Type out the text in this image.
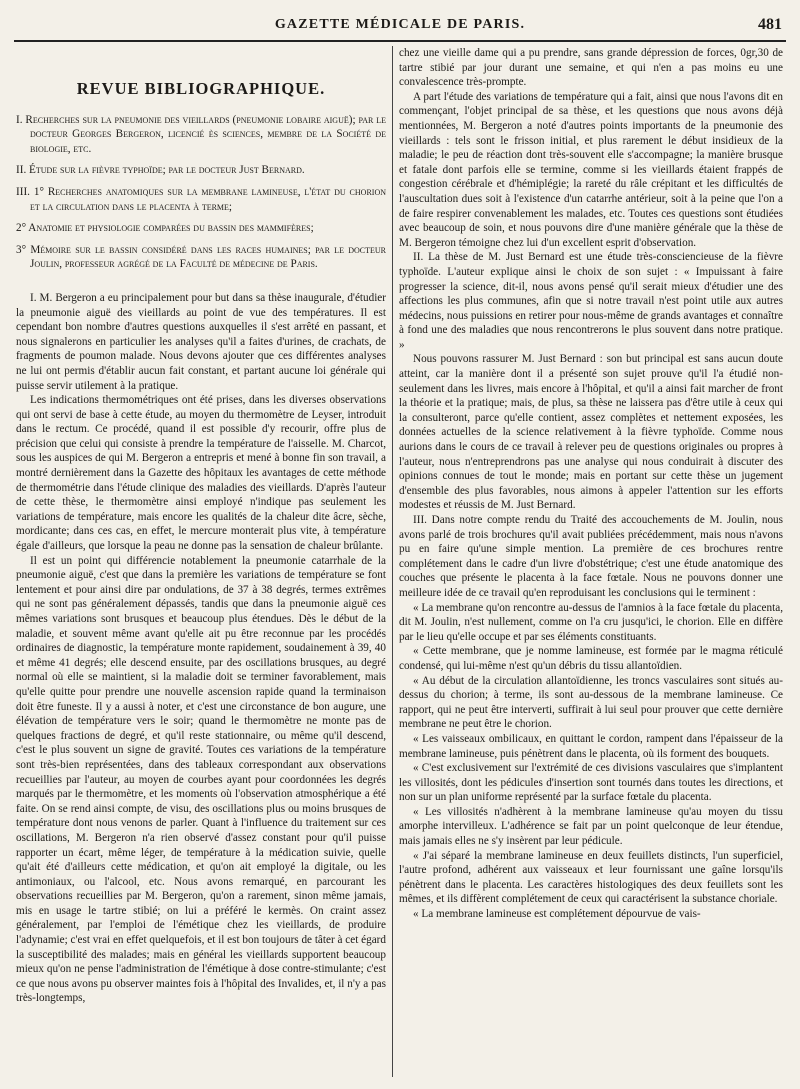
GAZETTE MÉDICALE DE PARIS.	481
REVUE BIBLIOGRAPHIQUE.

I. Recherches sur la pneumonie des vieillards (pneumonie lobaire aiguë); par le docteur Georges Bergeron, licencié ès sciences, membre de la Société de biologie, etc.

II. Étude sur la fièvre typhoïde; par le docteur Just Bernard.

III. 1° Recherches anatomiques sur la membrane lamineuse, l'état du chorion et la circulation dans le placenta à terme;

2° Anatomie et physiologie comparées du bassin des mammifères;

3° Mémoire sur le bassin considéré dans les races humaines; par le docteur Joulin, professeur agrégé de la Faculté de médecine de Paris.

I. M. Bergeron a eu principalement pour but dans sa thèse inaugurale, d'étudier la pneumonie aiguë des vieillards au point de vue des températures. Il est cependant bon nombre d'autres questions auxquelles il s'est arrêté en passant, et nous signalerons en particulier les analyses qu'il a faites d'urines, de crachats, de fragments de poumon malade. Nous devons ajouter que ces différentes analyses ne lui ont permis d'établir aucun fait constant, et partant aucune loi générale qui puisse servir utilement à la pratique.

Les indications thermométriques ont été prises, dans les diverses observations qui ont servi de base à cette étude, au moyen du thermomètre de Leyser, introduit dans le rectum. Ce procédé, quand il est possible d'y recourir, offre plus de précision que celui qui consiste à prendre la température de l'aisselle. M. Charcot, sous les auspices de qui M. Bergeron a entrepris et mené à bonne fin son travail, a montré dernièrement dans la Gazette des hôpitaux les avantages de cette méthode de thermométrie dans l'étude clinique des maladies des vieillards. D'après l'auteur de cette thèse, le thermomètre ainsi employé n'indique pas seulement les variations de température, mais encore les qualités de la chaleur dite âcre, sèche, mordicante; dans ces cas, en effet, le mercure monterait plus vite, à température égale d'ailleurs, que lorsque la peau ne donne pas la sensation de chaleur brûlante.

Il est un point qui différencie notablement la pneumonie catarrhale de la pneumonie aiguë, c'est que dans la première les variations de température se font lentement et pour ainsi dire par ondulations, de 37 à 38 degrés, termes extrêmes qui ne sont pas généralement dépassés, tandis que dans la pneumonie aiguë ces mêmes variations sont brusques et beaucoup plus étendues. Dès le début de la maladie, et souvent même avant qu'elle ait pu être reconnue par les procédés ordinaires de diagnostic, la température monte rapidement, soudainement à 39, 40 et même 41 degrés; elle descend ensuite, par des oscillations brusques, au degré normal où elle se maintient, si la maladie doit se terminer favorablement, mais qu'elle quitte pour prendre une nouvelle ascension rapide quand la terminaison doit être funeste. Il y a aussi à noter, et c'est une circonstance de bon augure, une élévation de température vers le soir; quand le thermomètre ne monte pas de quelques fractions de degré, et qu'il reste stationnaire, ou même qu'il descend, c'est le plus souvent un signe de gravité. Toutes ces variations de la température sont très-bien représentées, dans des tableaux correspondant aux observations recueillies par l'auteur, au moyen de courbes ayant pour coordonnées les degrés marqués par le thermomètre, et les moments où l'observation atmosphérique a été faite. On se rend ainsi compte, de visu, des oscillations plus ou moins brusques de température dont nous venons de parler. Quant à l'influence du traitement sur ces oscillations, M. Bergeron n'a rien observé d'assez constant pour qu'il puisse rapporter un écart, même léger, de température à la médication suivie, quelle qu'ait été d'ailleurs cette médication, et qu'on ait employé la digitale, ou les antimoniaux, ou l'alcool, etc. Nous avons remarqué, en parcourant les observations recueillies par M. Bergeron, qu'on a rarement, sinon même jamais, mis en usage le tartre stibié; on lui a préféré le kermès. On craint assez généralement, par l'emploi de l'émétique chez les vieillards, de produire l'adynamie; c'est vrai en effet quelquefois, et il est bon toujours de tâter à cet égard la susceptibilité des malades; mais en général les vieillards supportent beaucoup mieux qu'on ne pense l'administration de l'émétique à dose contre-stimulante; c'est ce que nous avons pu observer maintes fois à l'hôpital des Invalides, et, il n'y a pas très-longtemps,

chez une vieille dame qui a pu prendre, sans grande dépression de forces, 0gr,30 de tartre stibié par jour durant une semaine, et qui n'en a pas moins eu une convalescence très-prompte.

A part l'étude des variations de température qui a fait, ainsi que nous l'avons dit en commençant, l'objet principal de sa thèse, et les questions que nous avons déjà mentionnées, M. Bergeron a noté d'autres points importants de la pneumonie des vieillards : tels sont le frisson initial, et plus rarement le début insidieux de la maladie; le peu de réaction dont très-souvent elle s'accompagne; la manière brusque et fatale dont parfois elle se termine, comme si les vieillards étaient frappés de congestion cérébrale et d'hémiplégie; la rareté du râle crépitant et les difficultés de l'auscultation dues soit à l'existence d'un catarrhe antérieur, soit à la peine que l'on a de faire respirer convenablement les malades, etc. Toutes ces questions sont étudiées avec beaucoup de soin, et nous pouvons dire d'une manière générale que la thèse de M. Bergeron témoigne chez lui d'un excellent esprit d'observation.

II. La thèse de M. Just Bernard est une étude très-consciencieuse de la fièvre typhoïde. L'auteur explique ainsi le choix de son sujet : « Impuissant à faire progresser la science, dit-il, nous avons pensé qu'il serait mieux d'étudier une des affections les plus communes, afin que si notre travail n'est point utile aux autres médecins, nous puissions en retirer pour nous-même de grands avantages et connaître à fond une des maladies que nous rencontrerons le plus souvent dans notre pratique. »

Nous pouvons rassurer M. Just Bernard : son but principal est sans aucun doute atteint, car la manière dont il a présenté son sujet prouve qu'il l'a étudié non-seulement dans les livres, mais encore à l'hôpital, et qu'il a ainsi fait marcher de front la théorie et la pratique; mais, de plus, sa thèse ne laissera pas d'être utile à ceux qui la consulteront, parce qu'elle contient, assez complètes et nettement exposées, les données actuelles de la science relativement à la fièvre typhoïde. Comme nous aurions dans le cours de ce travail à relever peu de questions originales ou propres à l'auteur, nous n'entreprendrons pas une analyse qui nous conduirait à discuter des opinions connues de tout le monde; mais en portant sur cette thèse un jugement d'ensemble des plus favorables, nous aimons à appeler l'attention sur les efforts modestes et réussis de M. Just Bernard.

III. Dans notre compte rendu du Traité des accouchements de M. Joulin, nous avons parlé de trois brochures qu'il avait publiées précédemment, mais nous n'avons pu en faire qu'une simple mention. La première de ces brochures rentre complétement dans le cadre d'un livre d'obstétrique; c'est une étude anatomique des couches que présente le placenta à la face fœtale. Nous ne pouvons donner une meilleure idée de ce travail qu'en reproduisant les conclusions qui le terminent :

« La membrane qu'on rencontre au-dessus de l'amnios à la face fœtale du placenta, dit M. Joulin, n'est nullement, comme on l'a cru jusqu'ici, le chorion. Elle en diffère par le lieu qu'elle occupe et par ses éléments constituants.

« Cette membrane, que je nomme lamineuse, est formée par le magma réticulé condensé, qui lui-même n'est qu'un débris du tissu allantoïdien.

« Au début de la circulation allantoïdienne, les troncs vasculaires sont situés au-dessus du chorion; à terme, ils sont au-dessous de la membrane lamineuse. Ce rapport, qui ne peut être interverti, suffirait à lui seul pour prouver que cette dernière membrane ne peut être le chorion.

« Les vaisseaux ombilicaux, en quittant le cordon, rampent dans l'épaisseur de la membrane lamineuse, puis pénètrent dans le placenta, où ils forment des bouquets.

« C'est exclusivement sur l'extrémité de ces divisions vasculaires que s'implantent les villosités, dont les pédicules d'insertion sont tournés dans toutes les directions, et non sur un plan uniforme représenté par la surface fœtale du placenta.

« Les villosités n'adhèrent à la membrane lamineuse qu'au moyen du tissu amorphe intervilleux. L'adhérence se fait par un point quelconque de leur étendue, mais jamais elles ne s'y insèrent par leur pédicule.

« J'ai séparé la membrane lamineuse en deux feuillets distincts, l'un superficiel, l'autre profond, adhérent aux vaisseaux et leur fournissant une gaîne lorsqu'ils pénètrent dans le placenta. Les caractères histologiques des deux feuillets sont les mêmes, et ils diffèrent complétement de ceux qui caractérisent la substance choriale.

« La membrane lamineuse est complétement dépourvue de vais-
